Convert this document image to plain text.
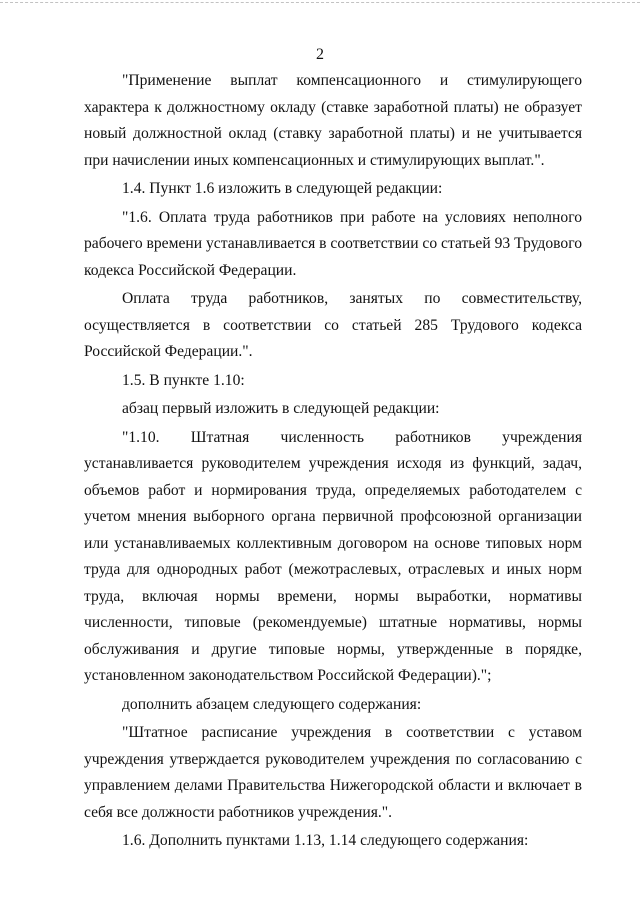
2

"Применение выплат компенсационного и стимулирующего характера к должностному окладу (ставке заработной платы) не образует новый должностной оклад (ставку заработной платы) и не учитывается при начислении иных компенсационных и стимулирующих выплат.".

1.4. Пункт 1.6 изложить в следующей редакции:

"1.6. Оплата труда работников при работе на условиях неполного рабочего времени устанавливается в соответствии со статьей 93 Трудового кодекса Российской Федерации.

Оплата труда работников, занятых по совместительству, осуществляется в соответствии со статьей 285 Трудового кодекса Российской Федерации.".

1.5. В пункте 1.10:

абзац первый изложить в следующей редакции:

"1.10. Штатная численность работников учреждения устанавливается руководителем учреждения исходя из функций, задач, объемов работ и нормирования труда, определяемых работодателем с учетом мнения выборного органа первичной профсоюзной организации или устанавливаемых коллективным договором на основе типовых норм труда для однородных работ (межотраслевых, отраслевых и иных норм труда, включая нормы времени, нормы выработки, нормативы численности, типовые (рекомендуемые) штатные нормативы, нормы обслуживания и другие типовые нормы, утвержденные в порядке, установленном законодательством Российской Федерации).";

дополнить абзацем следующего содержания:

"Штатное расписание учреждения в соответствии с уставом учреждения утверждается руководителем учреждения по согласованию с управлением делами Правительства Нижегородской области и включает в себя все должности работников учреждения.".

1.6. Дополнить пунктами 1.13, 1.14 следующего содержания:
